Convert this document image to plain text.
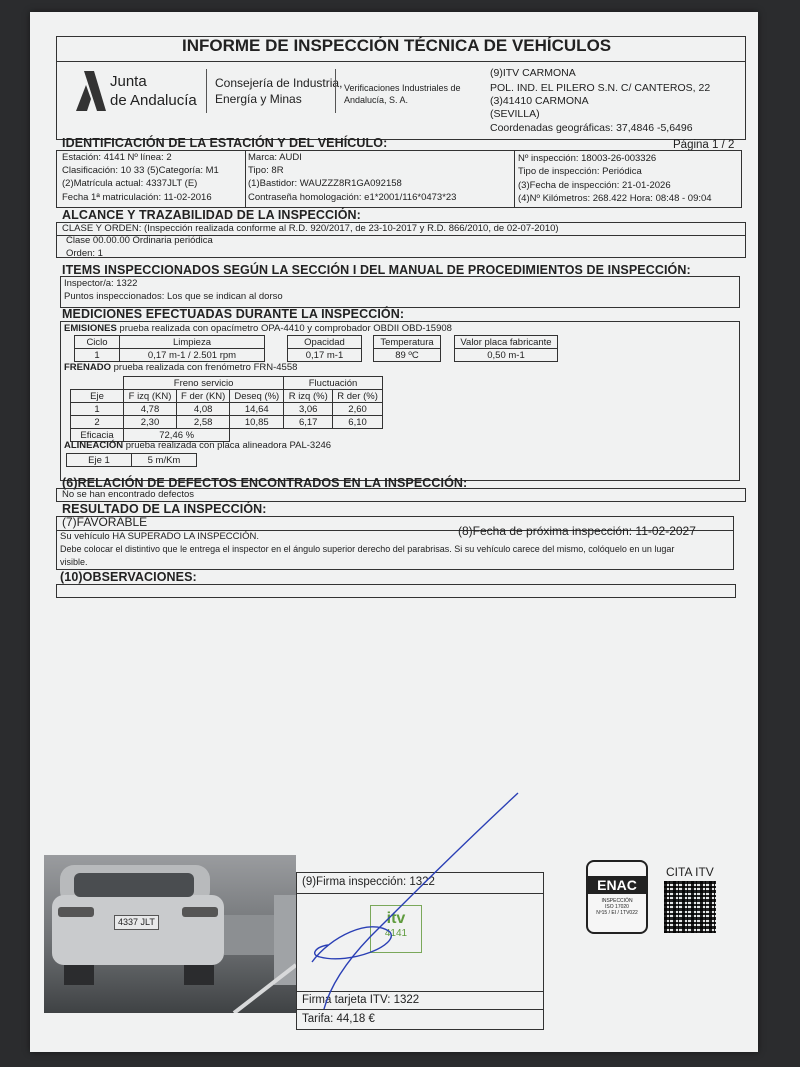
INFORME DE INSPECCIÓN TÉCNICA DE VEHÍCULOS
Junta
de Andalucía
Consejería de Industria,
Energía y Minas
Verificaciones Industriales de
Andalucía, S. A.
(9)ITV CARMONA
POL. IND. EL PILERO S.N. C/ CANTEROS, 22
(3)41410 CARMONA
(SEVILLA)
Coordenadas geográficas: 37,4846 -5,6496
IDENTIFICACIÓN DE LA ESTACIÓN Y DEL VEHÍCULO:	Página 1 / 2
Estación: 4141 Nº línea: 2
Clasificación: 10 33 (5)Categoría: M1
(2)Matrícula actual: 4337JLT (E)
Fecha 1ª matriculación: 11-02-2016
Marca: AUDI
Tipo: 8R
(1)Bastidor: WAUZZZ8R1GA092158
Contraseña homologación: e1*2001/116*0473*23
Nº inspección: 18003-26-003326
Tipo de inspección: Periódica
(3)Fecha de inspección: 21-01-2026
(4)Nº Kilómetros: 268.422 Hora: 08:48 - 09:04
ALCANCE Y TRAZABILIDAD DE LA INSPECCIÓN:
CLASE Y ORDEN: (Inspección realizada conforme al R.D. 920/2017, de 23-10-2017 y R.D. 866/2010, de 02-07-2010)
Clase 00.00.00 Ordinaria periódica
Orden: 1
ITEMS INSPECCIONADOS SEGÚN LA SECCIÓN I DEL MANUAL DE PROCEDIMIENTOS DE INSPECCIÓN:
Inspector/a: 1322
Puntos inspeccionados: Los que se indican al dorso
MEDICIONES EFECTUADAS DURANTE LA INSPECCIÓN:
EMISIONES prueba realizada con opacímetro OPA-4410 y comprobador OBDII OBD-15908
Ciclo	Limpieza
1	0,17 m-1 / 2.501 rpm
Opacidad
0,17 m-1
Temperatura
89 ºC
Valor placa fabricante
0,50 m-1
FRENADO prueba realizada con frenómetro FRN-4558
	Freno servicio			Fluctuación	
Eje	F izq (KN)	F der (KN)	Deseq (%)	R izq (%)	R der (%)
1	4,78	4,08	14,64	3,06	2,60
2	2,30	2,58	10,85	6,17	6,10
Eficacia	72,46 %				
ALINEACIÓN prueba realizada con placa alineadora PAL-3246
Eje 1	5 m/Km
(6)RELACIÓN DE DEFECTOS ENCONTRADOS EN LA INSPECCIÓN:
No se han encontrado defectos
RESULTADO DE LA INSPECCIÓN:
(7)FAVORABLE
(8)Fecha de próxima inspección: 11-02-2027
Su vehículo HA SUPERADO LA INSPECCIÓN.
Debe colocar el distintivo que le entrega el inspector en el ángulo superior derecho del parabrisas. Si su vehículo carece del mismo, colóquelo en un lugar
visible.
(10)OBSERVACIONES:
4337 JLT
(9)Firma inspección: 1322
itv
4141
Firma tarjeta ITV: 1322
Tarifa: 44,18 €
ENAC
INSPECCIÓN
ISO 17020
Nº15 / EI / 1TV022
CITA ITV
